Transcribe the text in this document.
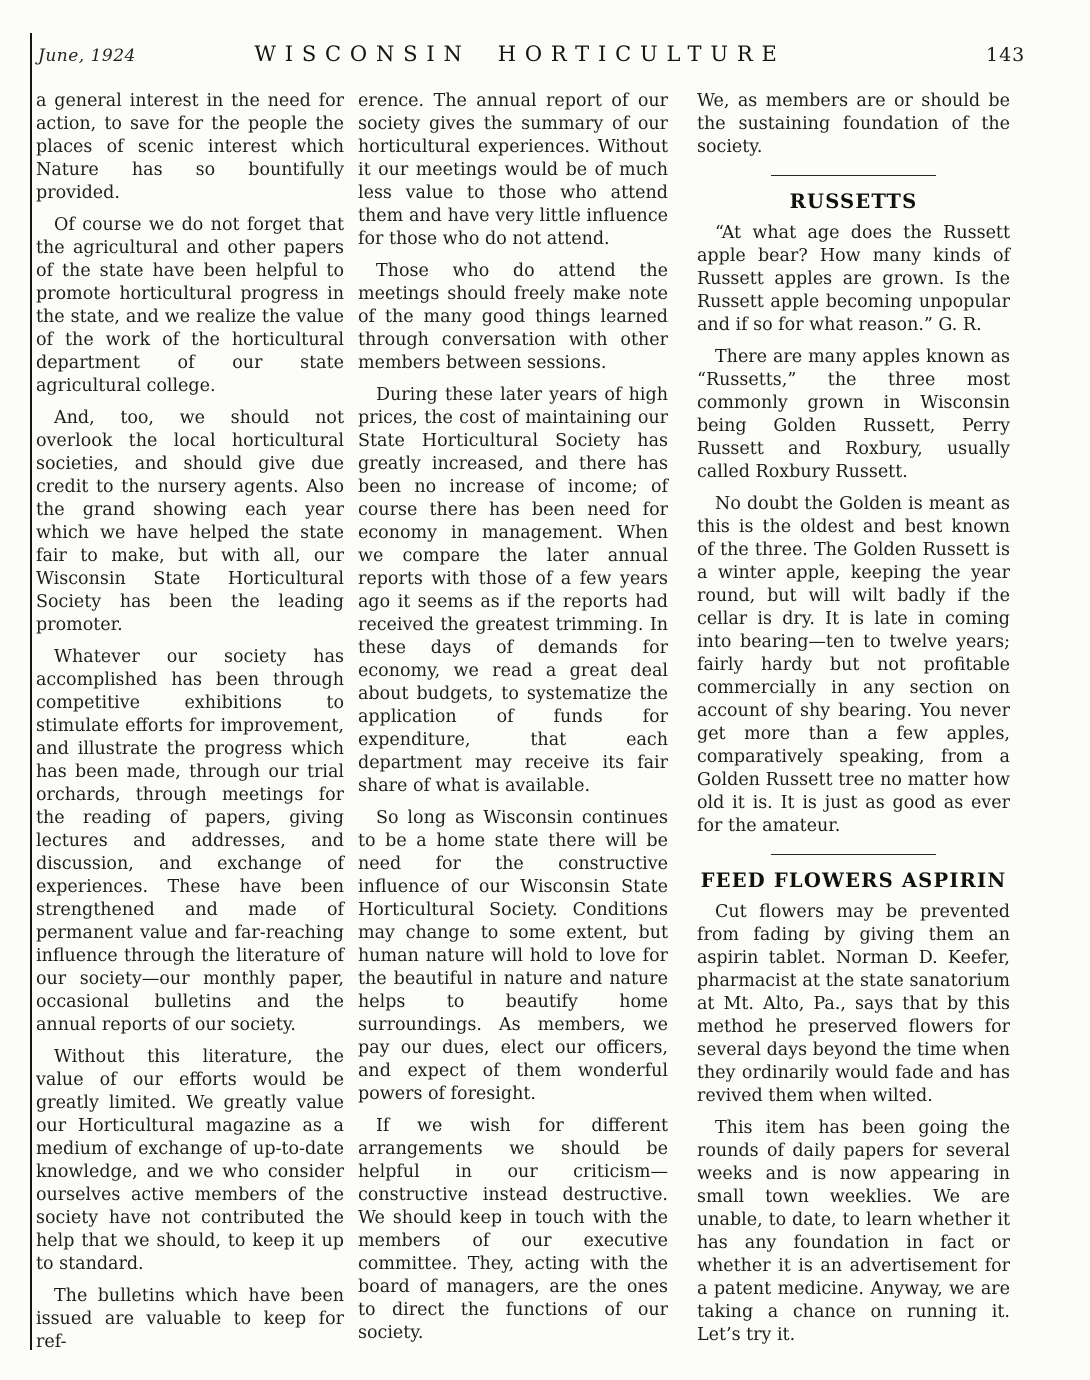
June, 1924	WISCONSIN HORTICULTURE	143

a general interest in the need for action, to save for the people the places of scenic interest which Nature has so bountifully provided.

Of course we do not forget that the agricultural and other papers of the state have been helpful to promote horticultural progress in the state, and we realize the value of the work of the horticultural department of our state agricultural college.

And, too, we should not overlook the local horticultural societies, and should give due credit to the nursery agents. Also the grand showing each year which we have helped the state fair to make, but with all, our Wisconsin State Horticultural Society has been the leading promoter.

Whatever our society has accomplished has been through competitive exhibitions to stimulate efforts for improvement, and illustrate the progress which has been made, through our trial orchards, through meetings for the reading of papers, giving lectures and addresses, and discussion, and exchange of experiences. These have been strengthened and made of permanent value and far-reaching influence through the literature of our society—our monthly paper, occasional bulletins and the annual reports of our society.

Without this literature, the value of our efforts would be greatly limited. We greatly value our Horticultural magazine as a medium of exchange of up-to-date knowledge, and we who consider ourselves active members of the society have not contributed the help that we should, to keep it up to standard.

The bulletins which have been issued are valuable to keep for ref-

erence. The annual report of our society gives the summary of our horticultural experiences. Without it our meetings would be of much less value to those who attend them and have very little influence for those who do not attend.

Those who do attend the meetings should freely make note of the many good things learned through conversation with other members between sessions.

During these later years of high prices, the cost of maintaining our State Horticultural Society has greatly increased, and there has been no increase of income; of course there has been need for economy in management. When we compare the later annual reports with those of a few years ago it seems as if the reports had received the greatest trimming. In these days of demands for economy, we read a great deal about budgets, to systematize the application of funds for expenditure, that each department may receive its fair share of what is available.

So long as Wisconsin continues to be a home state there will be need for the constructive influence of our Wisconsin State Horticultural Society. Conditions may change to some extent, but human nature will hold to love for the beautiful in nature and nature helps to beautify home surroundings. As members, we pay our dues, elect our officers, and expect of them wonderful powers of foresight.

If we wish for different arrangements we should be helpful in our criticism—constructive instead destructive. We should keep in touch with the members of our executive committee. They, acting with the board of managers, are the ones to direct the functions of our society.

We, as members are or should be the sustaining foundation of the society.

RUSSETTS

“At what age does the Russett apple bear? How many kinds of Russett apples are grown. Is the Russett apple becoming unpopular and if so for what reason.” G. R.

There are many apples known as “Russetts,” the three most commonly grown in Wisconsin being Golden Russett, Perry Russett and Roxbury, usually called Roxbury Russett.

No doubt the Golden is meant as this is the oldest and best known of the three. The Golden Russett is a winter apple, keeping the year round, but will wilt badly if the cellar is dry. It is late in coming into bearing—ten to twelve years; fairly hardy but not profitable commercially in any section on account of shy bearing. You never get more than a few apples, comparatively speaking, from a Golden Russett tree no matter how old it is. It is just as good as ever for the amateur.

FEED FLOWERS ASPIRIN

Cut flowers may be prevented from fading by giving them an aspirin tablet. Norman D. Keefer, pharmacist at the state sanatorium at Mt. Alto, Pa., says that by this method he preserved flowers for several days beyond the time when they ordinarily would fade and has revived them when wilted.

This item has been going the rounds of daily papers for several weeks and is now appearing in small town weeklies. We are unable, to date, to learn whether it has any foundation in fact or whether it is an advertisement for a patent medicine. Anyway, we are taking a chance on running it. Let’s try it.
